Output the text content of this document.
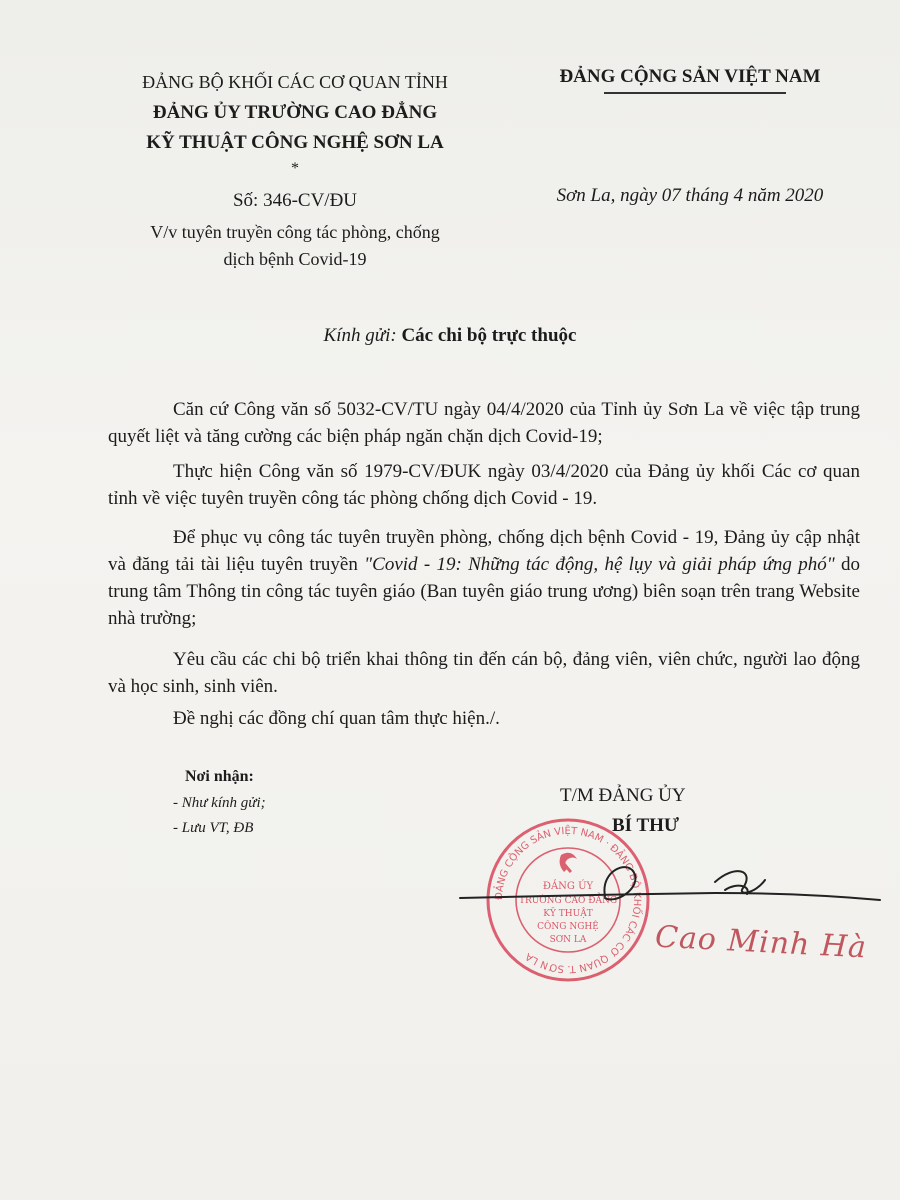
ĐẢNG BỘ KHỐI CÁC CƠ QUAN TỈNH
ĐẢNG ỦY TRƯỜNG CAO ĐẲNG
KỸ THUẬT CÔNG NGHỆ SƠN LA
*
ĐẢNG CỘNG SẢN VIỆT NAM
Số: 346-CV/ĐU
V/v tuyên truyền công tác phòng, chống
dịch bệnh Covid-19
Sơn La, ngày 07 tháng 4 năm 2020
Kính gửi: Các chi bộ trực thuộc

Căn cứ Công văn số 5032-CV/TU ngày 04/4/2020 của Tỉnh ủy Sơn La về việc tập trung quyết liệt và tăng cường các biện pháp ngăn chặn dịch Covid-19;

Thực hiện Công văn số 1979-CV/ĐUK ngày 03/4/2020 của Đảng ủy khối Các cơ quan tỉnh về việc tuyên truyền công tác phòng chống dịch Covid - 19.

Để phục vụ công tác tuyên truyền phòng, chống dịch bệnh Covid - 19, Đảng ủy cập nhật và đăng tải tài liệu tuyên truyền "Covid - 19: Những tác động, hệ lụy và giải pháp ứng phó" do trung tâm Thông tin công tác tuyên giáo (Ban tuyên giáo trung ương) biên soạn trên trang Website nhà trường;

Yêu cầu các chi bộ triển khai thông tin đến cán bộ, đảng viên, viên chức, người lao động và học sinh, sinh viên.

Đề nghị các đồng chí quan tâm thực hiện./.

Nơi nhận:
- Như kính gửi;
- Lưu VT, ĐB
T/M ĐẢNG ỦY
BÍ THƯ
ĐẢNG CỘNG SẢN VIỆT NAM · ĐẢNG BỘ KHỐI CÁC CƠ QUAN T. SƠN LA
ĐẢNG ỦY
TRƯỜNG CAO ĐẲNG
KỸ THUẬT
CÔNG NGHỆ
SƠN LA Cao Minh Hà
